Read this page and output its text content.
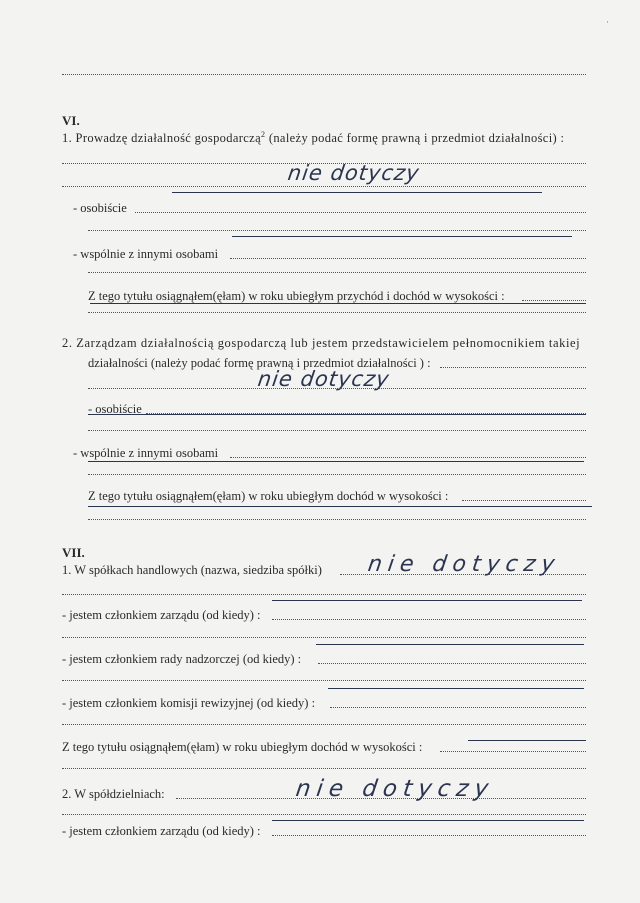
VI.
1. Prowadzę działalność gospodarczą$^2$ (należy podać formę prawną i przedmiot działalności) :
nie dotyczy
- osobiście
- wspólnie z innymi osobami
Z tego tytułu osiągnąłem(ęłam) w roku ubiegłym przychód i dochód w wysokości :
2. Zarządzam działalnością gospodarczą lub jestem przedstawicielem pełnomocnikiem takiej
działalności (należy podać formę prawną i przedmiot działalności ) :
nie dotyczy
- osobiście
- wspólnie z innymi osobami
Z tego tytułu osiągnąłem(ęłam) w roku ubiegłym dochód w wysokości :
VII.
1. W spółkach handlowych (nazwa, siedziba spółki) nie dotyczy
- jestem członkiem zarządu (od kiedy) :
- jestem członkiem rady nadzorczej (od kiedy) :
- jestem członkiem komisji rewizyjnej (od kiedy) :
Z tego tytułu osiągnąłem(ęłam) w roku ubiegłym dochód w wysokości :
2. W spółdzielniach:	nie dotyczy
- jestem członkiem zarządu (od kiedy) :
·
